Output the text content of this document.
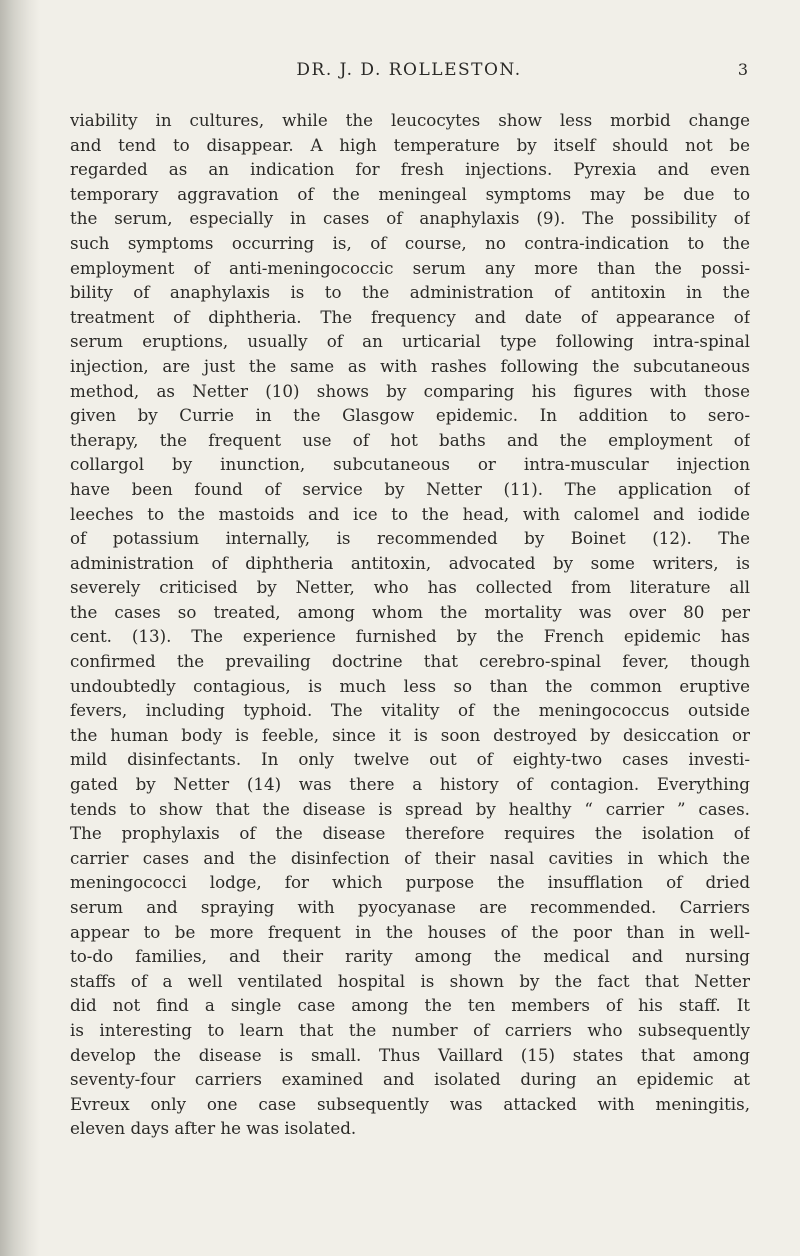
DR. J. D. ROLLESTON.	3
viability in cultures, while the leucocytes show less morbid change
and tend to disappear. A high temperature by itself should not be
regarded as an indication for fresh injections. Pyrexia and even
temporary aggravation of the meningeal symptoms may be due to
the serum, especially in cases of anaphylaxis (9). The possibility of
such symptoms occurring is, of course, no contra-indication to the
employment of anti-meningococcic serum any more than the possi-
bility of anaphylaxis is to the administration of antitoxin in the
treatment of diphtheria. The frequency and date of appearance of
serum eruptions, usually of an urticarial type following intra-spinal
injection, are just the same as with rashes following the subcutaneous
method, as Netter (10) shows by comparing his figures with those
given by Currie in the Glasgow epidemic. In addition to sero-
therapy, the frequent use of hot baths and the employment of
collargol by inunction, subcutaneous or intra-muscular injection
have been found of service by Netter (11). The application of
leeches to the mastoids and ice to the head, with calomel and iodide
of potassium internally, is recommended by Boinet (12). The
administration of diphtheria antitoxin, advocated by some writers, is
severely criticised by Netter, who has collected from literature all
the cases so treated, among whom the mortality was over 80 per
cent. (13). The experience furnished by the French epidemic has
confirmed the prevailing doctrine that cerebro-spinal fever, though
undoubtedly contagious, is much less so than the common eruptive
fevers, including typhoid. The vitality of the meningococcus outside
the human body is feeble, since it is soon destroyed by desiccation or
mild disinfectants. In only twelve out of eighty-two cases investi-
gated by Netter (14) was there a history of contagion. Everything
tends to show that the disease is spread by healthy “ carrier ” cases.
The prophylaxis of the disease therefore requires the isolation of
carrier cases and the disinfection of their nasal cavities in which the
meningococci lodge, for which purpose the insufflation of dried
serum and spraying with pyocyanase are recommended. Carriers
appear to be more frequent in the houses of the poor than in well-
to-do families, and their rarity among the medical and nursing
staffs of a well ventilated hospital is shown by the fact that Netter
did not find a single case among the ten members of his staff. It
is interesting to learn that the number of carriers who subsequently
develop the disease is small. Thus Vaillard (15) states that among
seventy-four carriers examined and isolated during an epidemic at
Evreux only one case subsequently was attacked with meningitis,
eleven days after he was isolated.
